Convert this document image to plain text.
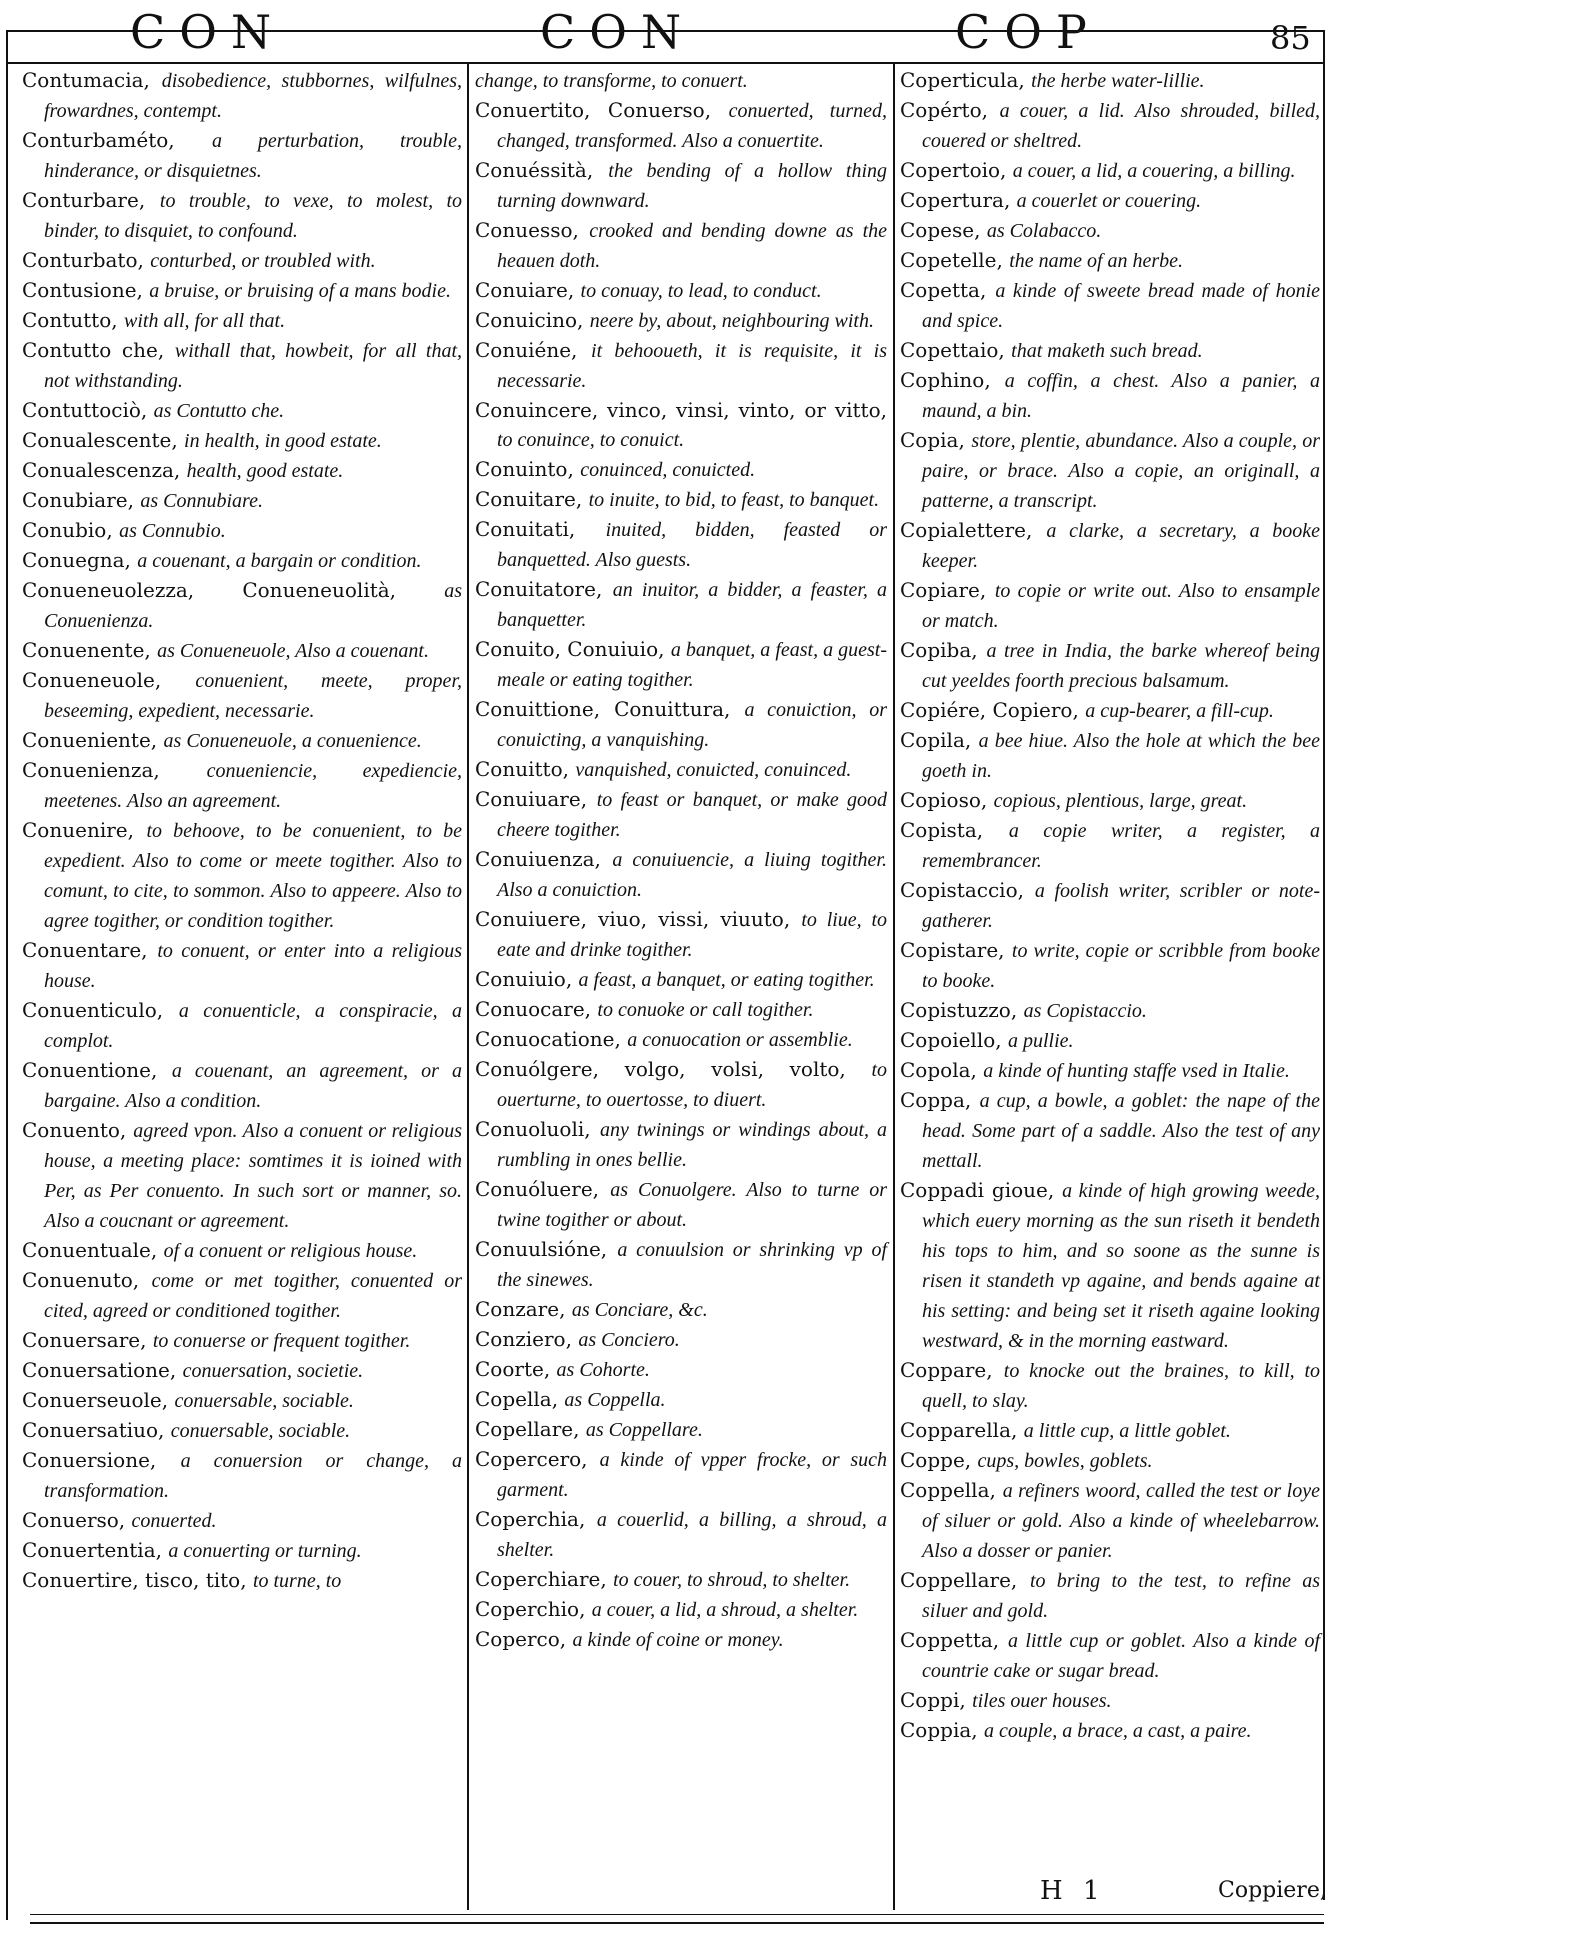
CON	CON	COP	85

Contumacia, disobedience, stubbornes, wilfulnes, frowardnes, contempt.

Conturbaméto, a perturbation, trouble, hinderance, or disquietnes.

Conturbare, to trouble, to vexe, to molest, to binder, to disquiet, to confound.

Conturbato, conturbed, or troubled with.

Contusione, a bruise, or bruising of a mans bodie.

Contutto, with all, for all that.

Contutto che, withall that, howbeit, for all that, not withstanding.

Contuttociò, as Contutto che.

Conualescente, in health, in good estate.

Conualescenza, health, good estate.

Conubiare, as Connubiare.

Conubio, as Connubio.

Conuegna, a couenant, a bargain or condition.

Conueneuolezza, Conueneuolità, as Conuenienza.

Conuenente, as Conueneuole, Also a couenant.

Conueneuole, conuenient, meete, proper, beseeming, expedient, necessarie.

Conueniente, as Conueneuole, a conuenience.

Conuenienza, conueniencie, expediencie, meetenes. Also an agreement.

Conuenire, to behoove, to be conuenient, to be expedient. Also to come or meete togither. Also to comunt, to cite, to sommon. Also to appeere. Also to agree togither, or condition togither.

Conuentare, to conuent, or enter into a religious house.

Conuenticulo, a conuenticle, a conspiracie, a complot.

Conuentione, a couenant, an agreement, or a bargaine. Also a condition.

Conuento, agreed vpon. Also a conuent or religious house, a meeting place: somtimes it is ioined with Per, as Per conuento. In such sort or manner, so. Also a coucnant or agreement.

Conuentuale, of a conuent or religious house.

Conuenuto, come or met togither, conuented or cited, agreed or conditioned togither.

Conuersare, to conuerse or frequent togither.

Conuersatione, conuersation, societie.

Conuerseuole, conuersable, sociable.

Conuersatiuo, conuersable, sociable.

Conuersione, a conuersion or change, a transformation.

Conuerso, conuerted.

Conuertentia, a conuerting or turning.

Conuertire, tisco, tito, to turne, to

change, to transforme, to conuert.

Conuertito, Conuerso, conuerted, turned, changed, transformed. Also a conuertite.

Conuéssità, the bending of a hollow thing turning downward.

Conuesso, crooked and bending downe as the heauen doth.

Conuiare, to conuay, to lead, to conduct.

Conuicino, neere by, about, neighbouring with.

Conuiéne, it behooueth, it is requisite, it is necessarie.

Conuincere, vinco, vinsi, vinto, or vitto, to conuince, to conuict.

Conuinto, conuinced, conuicted.

Conuitare, to inuite, to bid, to feast, to banquet.

Conuitati, inuited, bidden, feasted or banquetted. Also guests.

Conuitatore, an inuitor, a bidder, a feaster, a banquetter.

Conuito, Conuiuio, a banquet, a feast, a guest-meale or eating togither.

Conuittione, Conuittura, a conuiction, or conuicting, a vanquishing.

Conuitto, vanquished, conuicted, conuinced.

Conuiuare, to feast or banquet, or make good cheere togither.

Conuiuenza, a conuiuencie, a liuing togither. Also a conuiction.

Conuiuere, viuo, vissi, viuuto, to liue, to eate and drinke togither.

Conuiuio, a feast, a banquet, or eating togither.

Conuocare, to conuoke or call togither.

Conuocatione, a conuocation or assemblie.

Conuólgere, volgo, volsi, volto, to ouerturne, to ouertosse, to diuert.

Conuoluoli, any twinings or windings about, a rumbling in ones bellie.

Conuóluere, as Conuolgere. Also to turne or twine togither or about.

Conuulsióne, a conuulsion or shrinking vp of the sinewes.

Conzare, as Conciare, &c.

Conziero, as Conciero.

Coorte, as Cohorte.

Copella, as Coppella.

Copellare, as Coppellare.

Copercero, a kinde of vpper frocke, or such garment.

Coperchia, a couerlid, a billing, a shroud, a shelter.

Coperchiare, to couer, to shroud, to shelter.

Coperchio, a couer, a lid, a shroud, a shelter.

Coperco, a kinde of coine or money.

Coperticula, the herbe water-lillie.

Copérto, a couer, a lid. Also shrouded, billed, couered or sheltred.

Copertoio, a couer, a lid, a couering, a billing.

Copertura, a couerlet or couering.

Copese, as Colabacco.

Copetelle, the name of an herbe.

Copetta, a kinde of sweete bread made of honie and spice.

Copettaio, that maketh such bread.

Cophino, a coffin, a chest. Also a panier, a maund, a bin.

Copia, store, plentie, abundance. Also a couple, or paire, or brace. Also a copie, an originall, a patterne, a transcript.

Copialettere, a clarke, a secretary, a booke keeper.

Copiare, to copie or write out. Also to ensample or match.

Copiba, a tree in India, the barke whereof being cut yeeldes foorth precious balsamum.

Copiére, Copiero, a cup-bearer, a fill-cup.

Copila, a bee hiue. Also the hole at which the bee goeth in.

Copioso, copious, plentious, large, great.

Copista, a copie writer, a register, a remembrancer.

Copistaccio, a foolish writer, scribler or note-gatherer.

Copistare, to write, copie or scribble from booke to booke.

Copistuzzo, as Copistaccio.

Copoiello, a pullie.

Copola, a kinde of hunting staffe vsed in Italie.

Coppa, a cup, a bowle, a goblet: the nape of the head. Some part of a saddle. Also the test of any mettall.

Coppadi gioue, a kinde of high growing weede, which euery morning as the sun riseth it bendeth his tops to him, and so soone as the sunne is risen it standeth vp againe, and bends againe at his setting: and being set it riseth againe looking westward, & in the morning eastward.

Coppare, to knocke out the braines, to kill, to quell, to slay.

Copparella, a little cup, a little goblet.

Coppe, cups, bowles, goblets.

Coppella, a refiners woord, called the test or loye of siluer or gold. Also a kinde of wheelebarrow. Also a dosser or panier.

Coppellare, to bring to the test, to refine as siluer and gold.

Coppetta, a little cup or goblet. Also a kinde of countrie cake or sugar bread.

Coppi, tiles ouer houses.

Coppia, a couple, a brace, a cast, a paire.

H 1	Coppiere,
